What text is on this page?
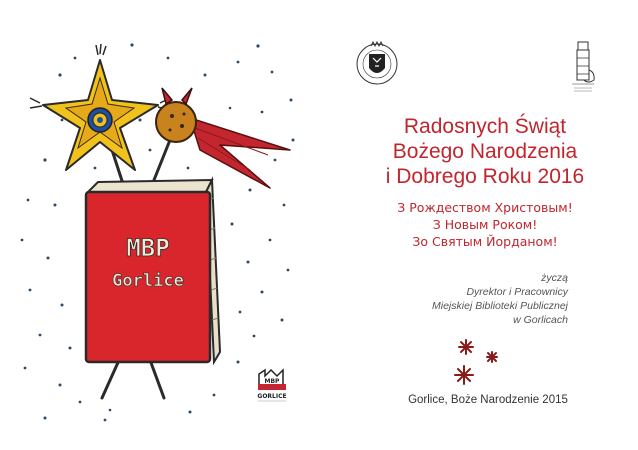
MBP
Gorlice
MBP
GORLICE
Radosnych Świąt
Bożego Narodzenia
i Dobrego Roku 2016
З Рождеством Христовым!
З Новым Роком!
Зо Святым Йорданом!
życzą
Dyrektor i Pracownicy
Miejskiej Biblioteki Publicznej
w Gorlicach
Gorlice, Boże Narodzenie 2015
